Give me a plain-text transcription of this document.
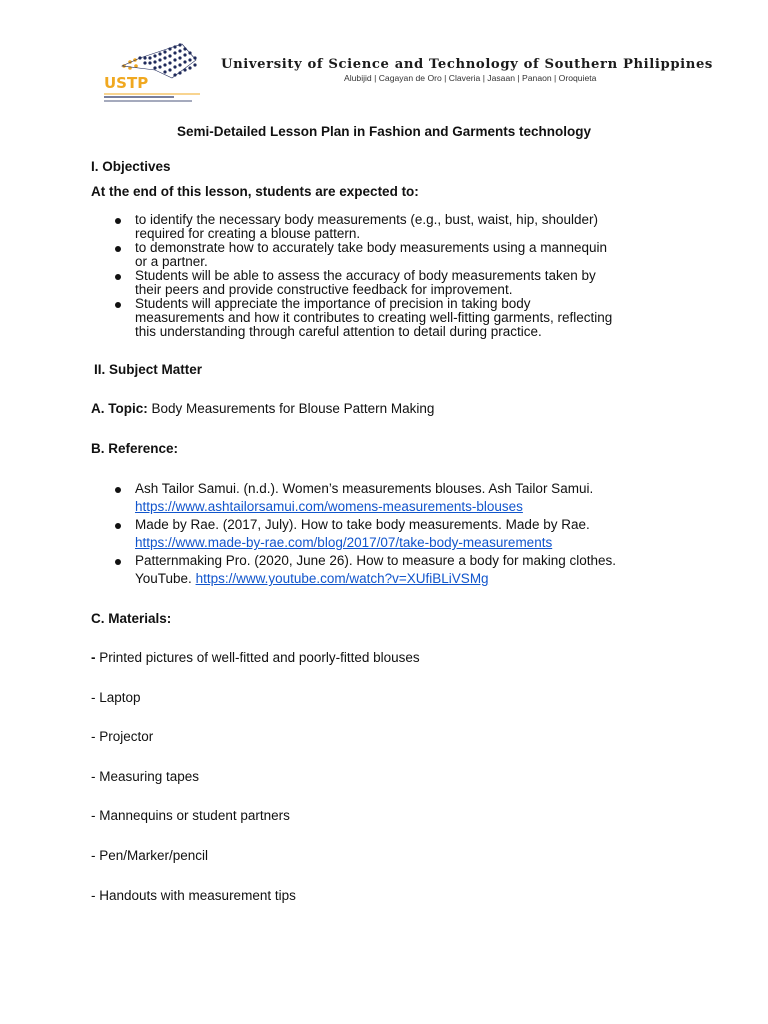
USTP
University of Science and Technology of Southern Philippines
Alubijid | Cagayan de Oro | Claveria | Jasaan | Panaon | Oroquieta
Semi-Detailed Lesson Plan in Fashion and Garments technology
I. Objectives
At the end of this lesson, students are expected to:
to identify the necessary body measurements (e.g., bust, waist, hip, shoulder)
required for creating a blouse pattern.
to demonstrate how to accurately take body measurements using a mannequin
or a partner.
Students will be able to assess the accuracy of body measurements taken by
their peers and provide constructive feedback for improvement.
Students will appreciate the importance of precision in taking body
measurements and how it contributes to creating well-fitting garments, reflecting
this understanding through careful attention to detail during practice.
II. Subject Matter
A. Topic: Body Measurements for Blouse Pattern Making
B. Reference:
Ash Tailor Samui. (n.d.). Women’s measurements blouses. Ash Tailor Samui.
https://www.ashtailorsamui.com/womens-measurements-blouses
Made by Rae. (2017, July). How to take body measurements. Made by Rae.
https://www.made-by-rae.com/blog/2017/07/take-body-measurements
Patternmaking Pro. (2020, June 26). How to measure a body for making clothes.
YouTube. https://www.youtube.com/watch?v=XUfiBLiVSMg
C. Materials:
- Printed pictures of well-fitted and poorly-fitted blouses
- Laptop
- Projector
- Measuring tapes
- Mannequins or student partners
- Pen/Marker/pencil
- Handouts with measurement tips
